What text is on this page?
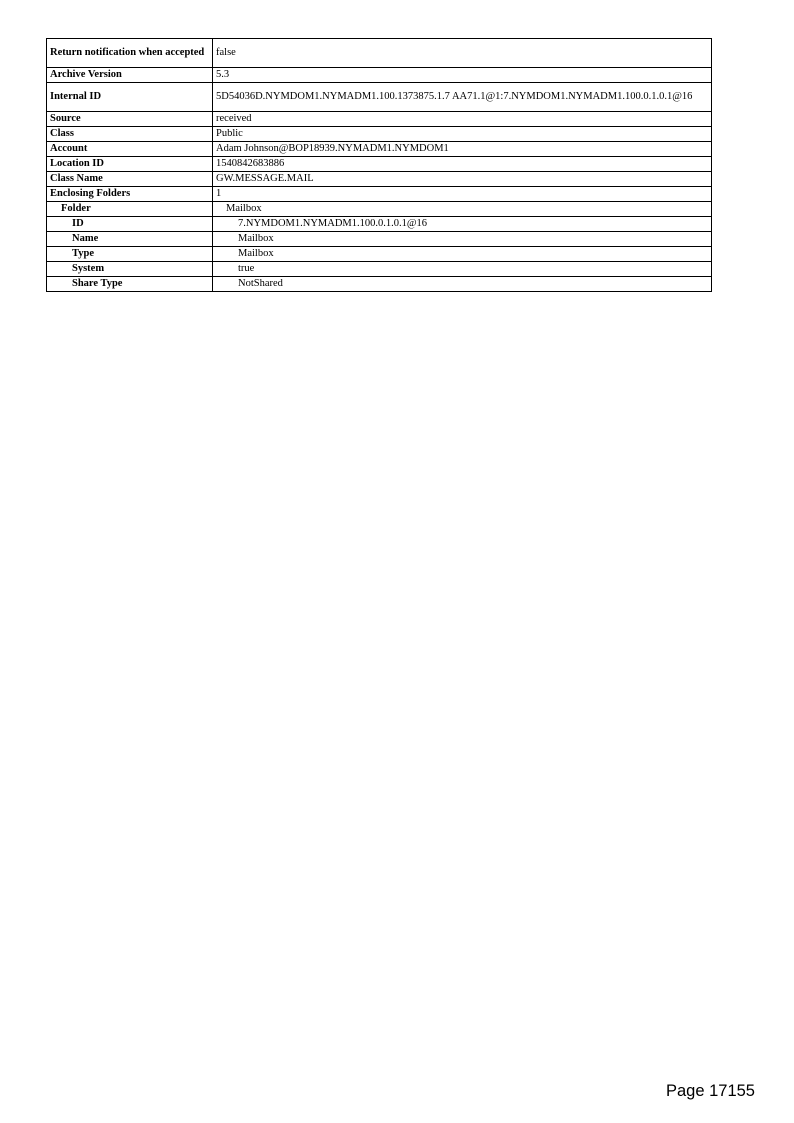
Return notification when accepted	false
Archive Version	5.3
Internal ID	5D54036D.NYMDOM1.NYMADM1.100.1373875.1.7 AA71.1@1:7.NYMDOM1.NYMADM1.100.0.1.0.1@16
Source	received
Class	Public
Account	Adam Johnson@BOP18939.NYMADM1.NYMDOM1
Location ID	1540842683886
Class Name	GW.MESSAGE.MAIL
Enclosing Folders	1
Folder	Mailbox
ID	7.NYMDOM1.NYMADM1.100.0.1.0.1@16
Name	Mailbox
Type	Mailbox
System	true
Share Type	NotShared
Page 17155
